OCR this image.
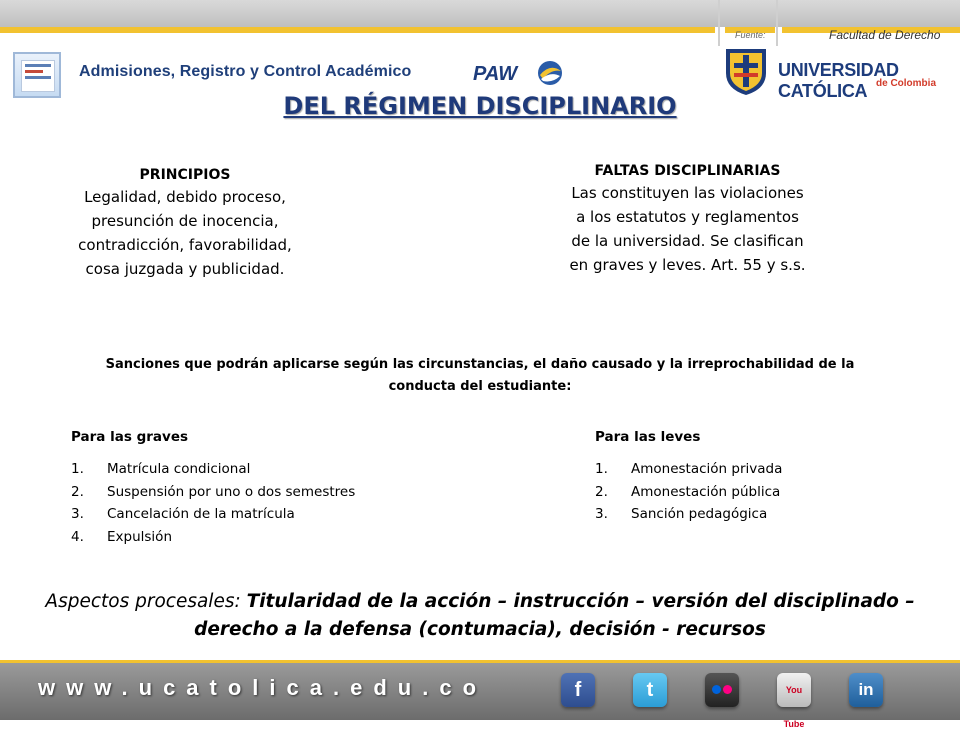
Fuente:	Facultad de Derecho
Admisiones, Registro y Control Académico	PAW	UNIVERSIDAD CATÓLICA de Colombia
DEL RÉGIMEN DISCIPLINARIO
PRINCIPIOS
Legalidad, debido proceso,
presunción de inocencia,
contradicción, favorabilidad,
cosa juzgada y publicidad.
FALTAS DISCIPLINARIAS
Las constituyen las violaciones
a los estatutos y reglamentos
de la universidad. Se clasifican
en graves y leves. Art. 55 y s.s.
Sanciones que podrán aplicarse según las circunstancias, el daño causado y la irreprochabilidad de la
conducta del estudiante:
Para las graves
1.	Matrícula condicional
2.	Suspensión por uno o dos semestres
3.	Cancelación de la matrícula
4.	Expulsión
Para las leves
1.	Amonestación privada
2.	Amonestación pública
3.	Sanción pedagógica
Aspectos procesales: Titularidad de la acción – instrucción – versión del disciplinado –
derecho a la defensa (contumacia), decisión - recursos
www.ucatolica.edu.co	f	t	You Tube
in
